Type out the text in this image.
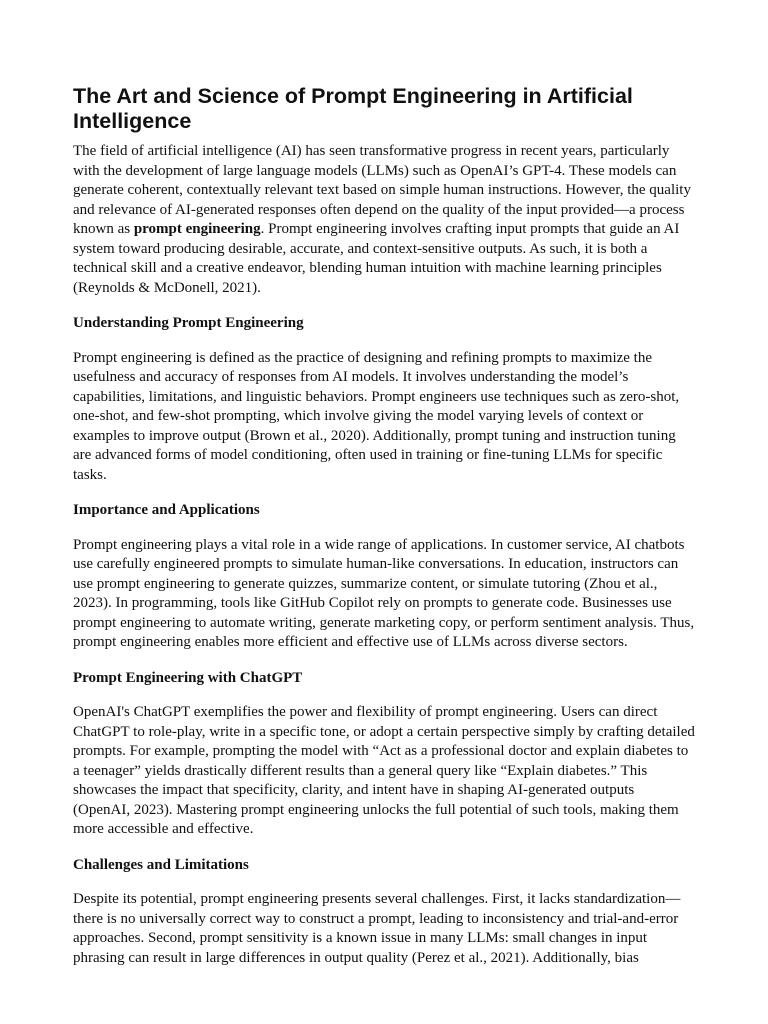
The Art and Science of Prompt Engineering in Artificial Intelligence

The field of artificial intelligence (AI) has seen transformative progress in recent years, particularly with the development of large language models (LLMs) such as OpenAI’s GPT-4. These models can generate coherent, contextually relevant text based on simple human instructions. However, the quality and relevance of AI-generated responses often depend on the quality of the input provided—a process known as prompt engineering. Prompt engineering involves crafting input prompts that guide an AI system toward producing desirable, accurate, and context-sensitive outputs. As such, it is both a technical skill and a creative endeavor, blending human intuition with machine learning principles (Reynolds & McDonell, 2021).

Understanding Prompt Engineering

Prompt engineering is defined as the practice of designing and refining prompts to maximize the usefulness and accuracy of responses from AI models. It involves understanding the model’s capabilities, limitations, and linguistic behaviors. Prompt engineers use techniques such as zero-shot, one-shot, and few-shot prompting, which involve giving the model varying levels of context or examples to improve output (Brown et al., 2020). Additionally, prompt tuning and instruction tuning are advanced forms of model conditioning, often used in training or fine-tuning LLMs for specific tasks.

Importance and Applications

Prompt engineering plays a vital role in a wide range of applications. In customer service, AI chatbots use carefully engineered prompts to simulate human-like conversations. In education, instructors can use prompt engineering to generate quizzes, summarize content, or simulate tutoring (Zhou et al., 2023). In programming, tools like GitHub Copilot rely on prompts to generate code. Businesses use prompt engineering to automate writing, generate marketing copy, or perform sentiment analysis. Thus, prompt engineering enables more efficient and effective use of LLMs across diverse sectors.

Prompt Engineering with ChatGPT

OpenAI's ChatGPT exemplifies the power and flexibility of prompt engineering. Users can direct ChatGPT to role-play, write in a specific tone, or adopt a certain perspective simply by crafting detailed prompts. For example, prompting the model with “Act as a professional doctor and explain diabetes to a teenager” yields drastically different results than a general query like “Explain diabetes.” This showcases the impact that specificity, clarity, and intent have in shaping AI-generated outputs (OpenAI, 2023). Mastering prompt engineering unlocks the full potential of such tools, making them more accessible and effective.

Challenges and Limitations

Despite its potential, prompt engineering presents several challenges. First, it lacks standardization—there is no universally correct way to construct a prompt, leading to inconsistency and trial-and-error approaches. Second, prompt sensitivity is a known issue in many LLMs: small changes in input phrasing can result in large differences in output quality (Perez et al., 2021). Additionally, bias
